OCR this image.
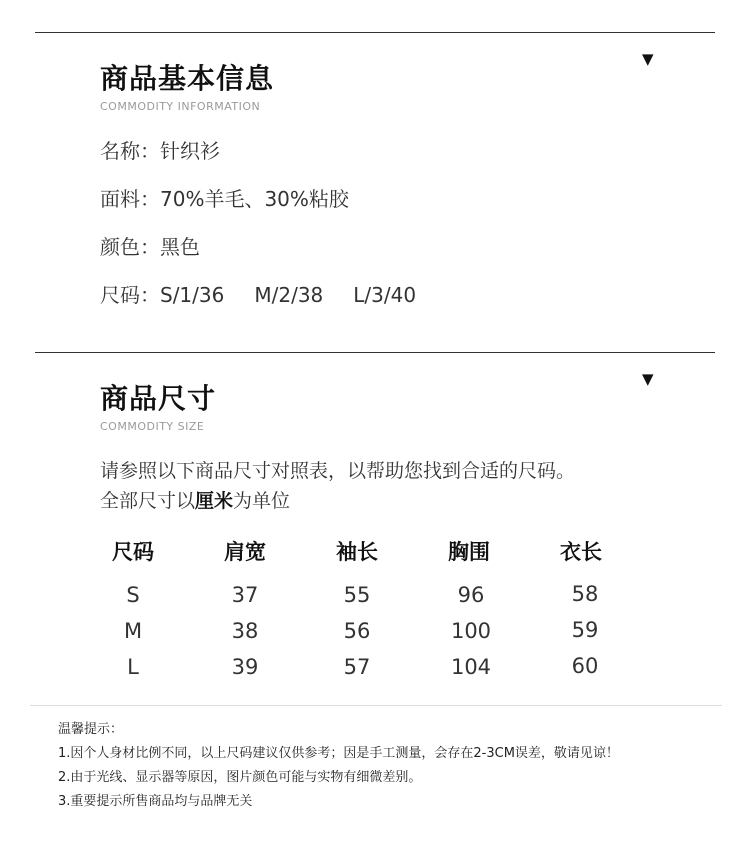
▼
商品基本信息
COMMODITY INFORMATION
名称：针织衫
面料：70%羊毛、30%粘胶
颜色：黑色
尺码：S/1/36 M/2/38 L/3/40
▼
商品尺寸
COMMODITY SIZE
请参照以下商品尺寸对照表，以帮助您找到合适的尺码。
全部尺寸以厘米为单位
尺码	肩宽	袖长	胸围	衣长
S	37	55	96	58
M	38	56	100	59
L	39	57	104	60
温馨提示：
1.因个人身材比例不同，以上尺码建议仅供参考；因是手工测量，会存在2-3CM误差，敬请见谅！
2.由于光线、显示器等原因，图片颜色可能与实物有细微差别。
3.重要提示所售商品均与品牌无关
